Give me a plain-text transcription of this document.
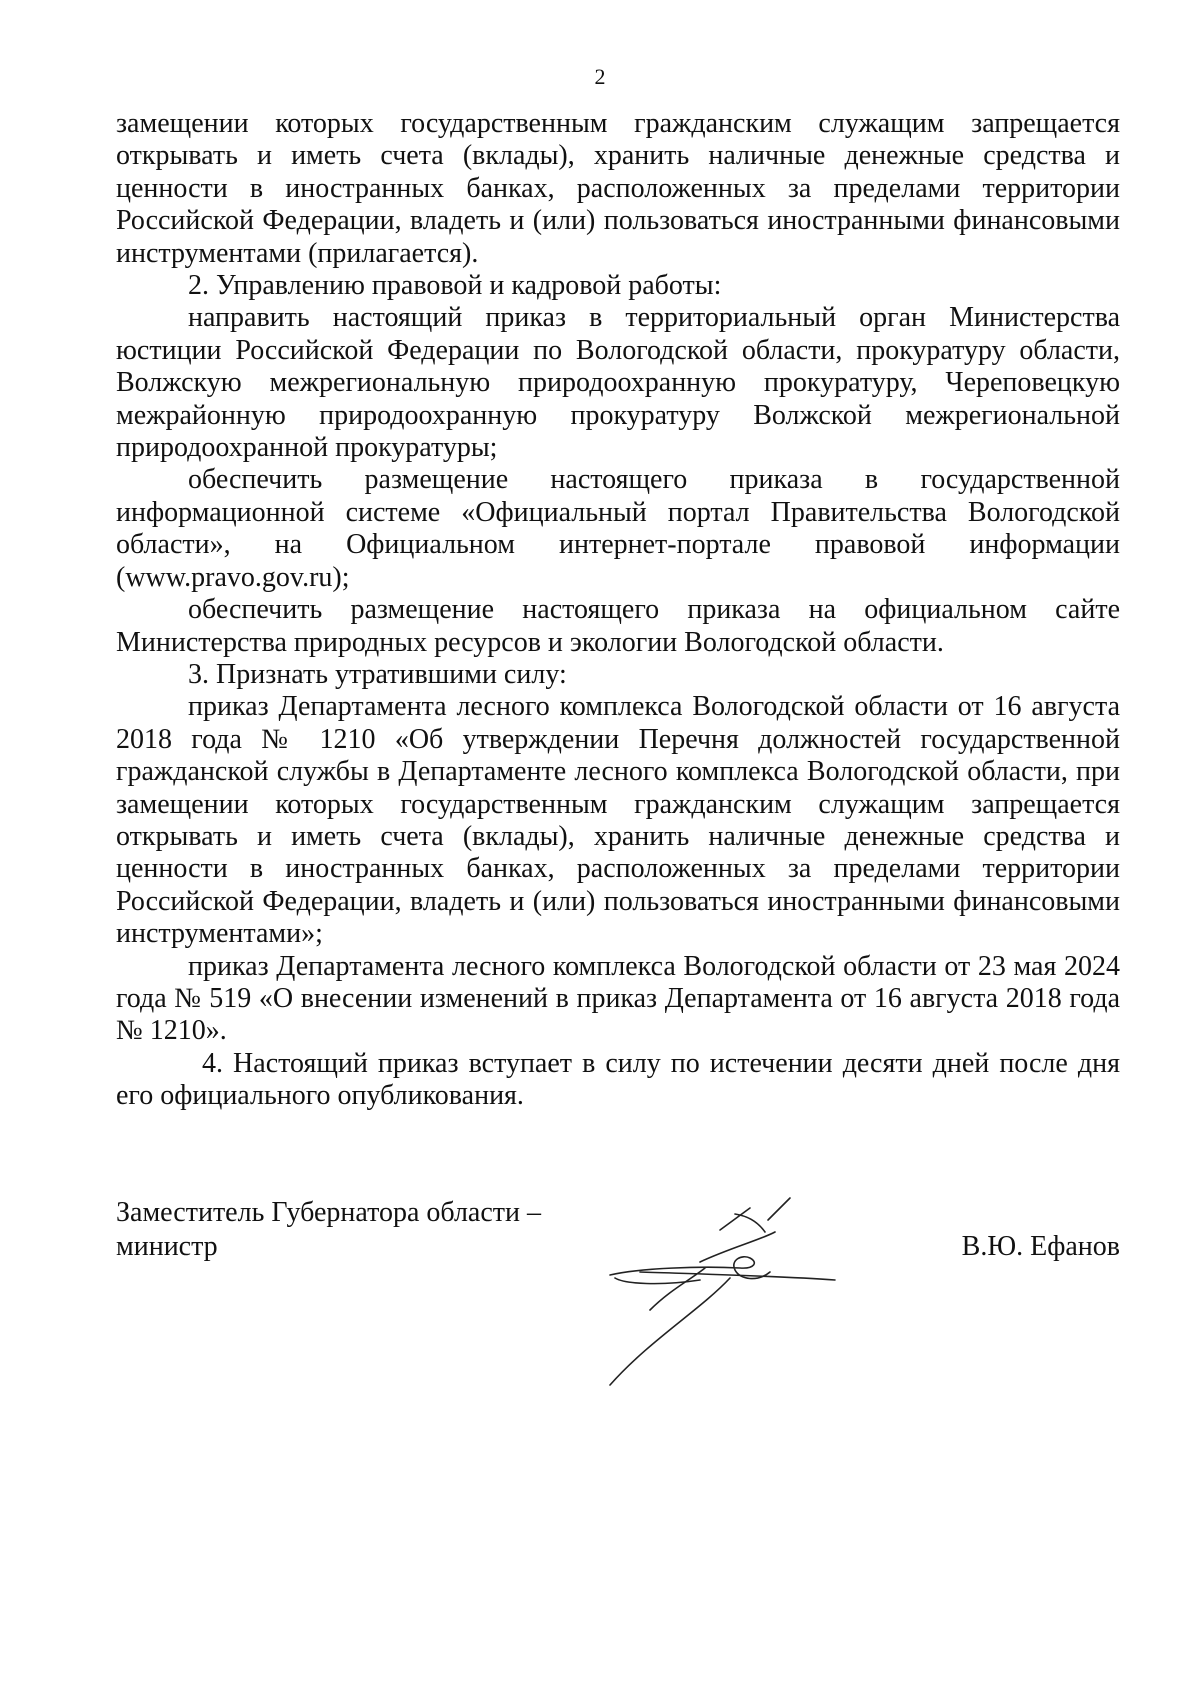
2

замещении которых государственным гражданским служащим запрещается открывать и иметь счета (вклады), хранить наличные денежные средства и ценности в иностранных банках, расположенных за пределами территории Российской Федерации, владеть и (или) пользоваться иностранными финансовыми инструментами (прилагается).

2. Управлению правовой и кадровой работы:

направить настоящий приказ в территориальный орган Министерства юстиции Российской Федерации по Вологодской области, прокуратуру области, Волжскую межрегиональную природоохранную прокуратуру, Череповецкую межрайонную природоохранную прокуратуру Волжской межрегиональной природоохранной прокуратуры;

обеспечить размещение настоящего приказа в государственной информационной системе «Официальный портал Правительства Вологодской области», на Официальном интернет-портале правовой информации (www.pravo.gov.ru);

обеспечить размещение настоящего приказа на официальном сайте Министерства природных ресурсов и экологии Вологодской области.

3. Признать утратившими силу:

приказ Департамента лесного комплекса Вологодской области от 16 августа 2018 года № 1210 «Об утверждении Перечня должностей государственной гражданской службы в Департаменте лесного комплекса Вологодской области, при замещении которых государственным гражданским служащим запрещается открывать и иметь счета (вклады), хранить наличные денежные средства и ценности в иностранных банках, расположенных за пределами территории Российской Федерации, владеть и (или) пользоваться иностранными финансовыми инструментами»;

приказ Департамента лесного комплекса Вологодской области от 23 мая 2024 года № 519 «О внесении изменений в приказ Департамента от 16 августа 2018 года № 1210».

4. Настоящий приказ вступает в силу по истечении десяти дней после дня его официального опубликования.

Заместитель Губернатора области –
министр	В.Ю. Ефанов
